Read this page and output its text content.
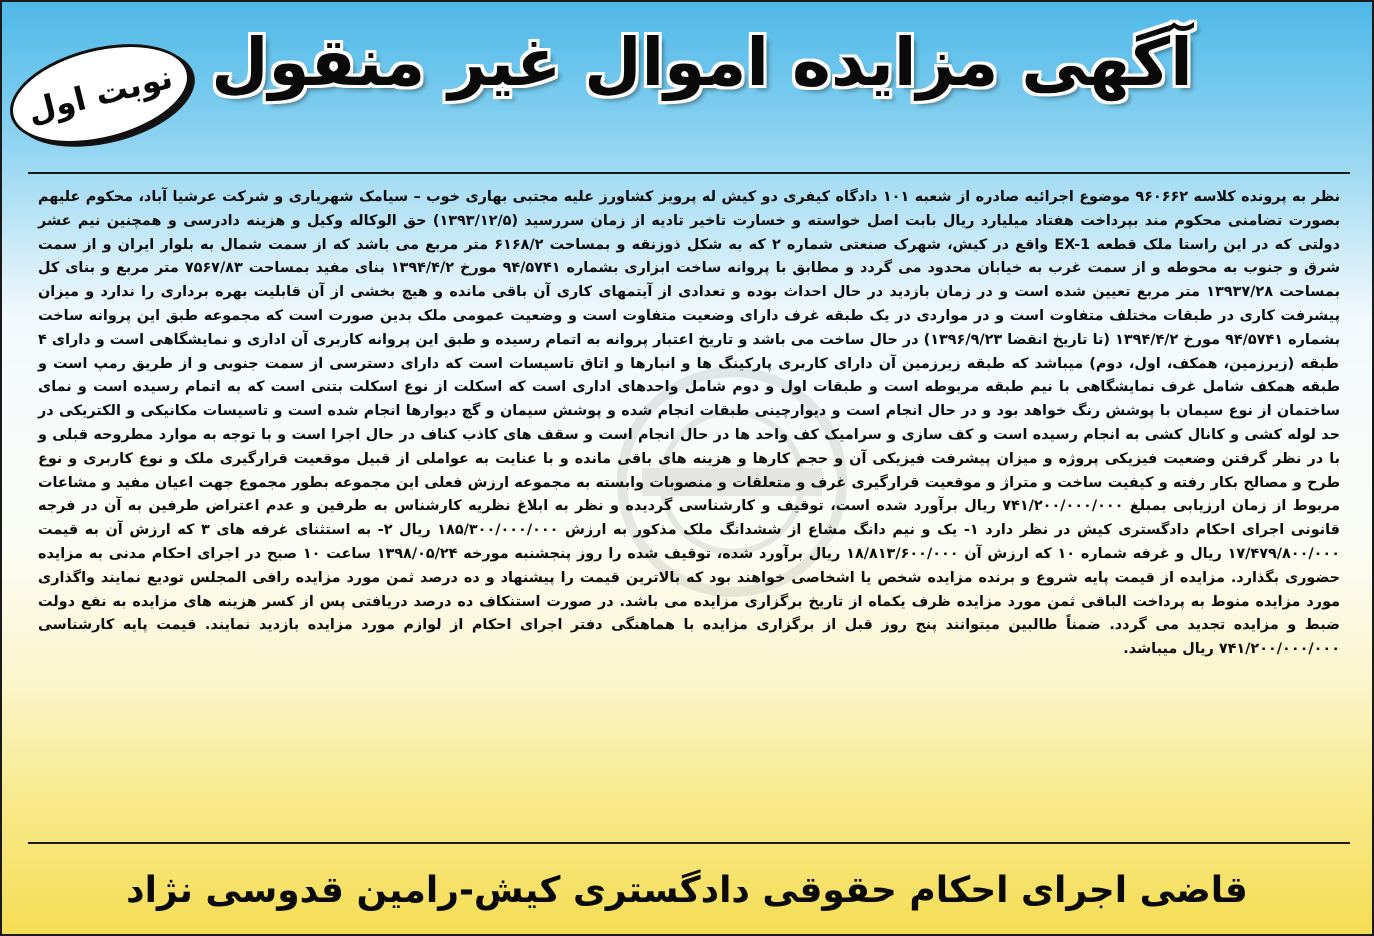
آگهی مزایده اموال غیر منقول
نوبت اول

نظر به پرونده کلاسه ۹۶۰۶۶۲ موضوع اجرائیه صادره از شعبه ۱۰۱ دادگاه کیفری دو کیش له پرویز کشاورز علیه مجتبی بهاری خوب – سیامک شهریاری و شرکت عرشیا آباد، محکوم علیهم بصورت تضامنی محکوم مند بپرداخت هفتاد میلیارد ریال بابت اصل خواسته و خسارت تاخیر تادیه از زمان سررسید (۱۳۹۳/۱۲/۵) حق الوکاله وکیل و هزینه دادرسی و همچنین نیم عشر دولتی که در این راستا ملک قطعه EX-1 واقع در کیش، شهرک صنعتی شماره ۲ که به شکل ذوزنقه و بمساحت ۶۱۶۸/۲ متر مربع می باشد که از سمت شمال به بلوار ایران و از سمت شرق و جنوب به محوطه و از سمت غرب به خیابان محدود می گردد و مطابق با پروانه ساخت ابزاری بشماره ۹۴/۵۷۴۱ مورخ ۱۳۹۴/۴/۲ بنای مفید بمساحت ۷۵۶۷/۸۳ متر مربع و بنای کل بمساحت ۱۳۹۳۷/۲۸ متر مربع تعیین شده است و در زمان بازدید در حال احداث بوده و تعدادی از آیتمهای کاری آن باقی مانده و هیچ بخشی از آن قابلیت بهره برداری را ندارد و میزان پیشرفت کاری در طبقات مختلف متفاوت است و در مواردی در یک طبقه غرف دارای وضعیت متفاوت است و وضعیت عمومی ملک بدین صورت است که مجموعه طبق این پروانه ساخت بشماره ۹۴/۵۷۴۱ مورخ ۱۳۹۴/۴/۲ (تا تاریخ انقضا ۱۳۹۶/۹/۲۳) در حال ساخت می باشد و تاریخ اعتبار پروانه به اتمام رسیده و طبق این پروانه کاربری آن اداری و نمایشگاهی است و دارای ۴ طبقه (زیرزمین، همکف، اول، دوم) میباشد که طبقه زیرزمین آن دارای کاربری پارکینگ ها و انبارها و اتاق تاسیسات است که دارای دسترسی از سمت جنوبی و از طریق رمپ است و طبقه همکف شامل غرف نمایشگاهی با نیم طبقه مربوطه است و طبقات اول و دوم شامل واحدهای اداری است که اسکلت از نوع اسکلت بتنی است که به اتمام رسیده است و نمای ساختمان از نوع سیمان با پوشش رنگ خواهد بود و در حال انجام است و دیوارچینی طبقات انجام شده و پوشش سیمان و گچ دیوارها انجام شده است و تاسیسات مکانیکی و الکتریکی در حد لوله کشی و کانال کشی به انجام رسیده است و کف سازی و سرامیک کف واحد ها در حال انجام است و سقف های کاذب کناف در حال اجرا است و با توجه به موارد مطروحه قبلی و با در نظر گرفتن وضعیت فیزیکی پروژه و میزان پیشرفت فیزیکی آن و حجم کارها و هزینه های باقی مانده و با عنایت به عواملی از قبیل موقعیت قرارگیری ملک و نوع کاربری و نوع طرح و مصالح بکار رفته و کیفیت ساخت و متراژ و موقعیت قرارگیری غرف و متعلقات و منصوبات وابسته به مجموعه ارزش فعلی این مجموعه بطور مجموع جهت اعیان مفید و مشاعات مربوط از زمان ارزیابی بمبلغ ۷۴۱/۲۰۰/۰۰۰/۰۰۰ ریال برآورد شده است، توقیف و کارشناسی گردیده و نظر به ابلاغ نظریه کارشناس به طرفین و عدم اعتراض طرفین به آن در فرجه قانونی اجرای احکام دادگستری کیش در نظر دارد ۱- یک و نیم دانگ مشاع از ششدانگ ملک مذکور به ارزش ۱۸۵/۳۰۰/۰۰۰/۰۰۰ ریال ۲- به استثنای غرفه های ۳ که ارزش آن به قیمت ۱۷/۴۷۹/۸۰۰/۰۰۰ ریال و غرفه شماره ۱۰ که ارزش آن ۱۸/۸۱۳/۶۰۰/۰۰۰ ریال برآورد شده، توقیف شده را روز پنجشنبه مورخه ۱۳۹۸/۰۵/۲۴ ساعت ۱۰ صبح در اجرای احکام مدنی به مزایده حضوری بگذارد. مزایده از قیمت پایه شروع و برنده مزایده شخص یا اشخاصی خواهند بود که بالاترین قیمت را پیشنهاد و ده درصد ثمن مورد مزایده رافی المجلس تودیع نمایند واگذاری مورد مزایده منوط به پرداخت الباقی ثمن مورد مزایده ظرف یکماه از تاریخ برگزاری مزایده می باشد. در صورت استنکاف ده درصد دریافتی پس از کسر هزینه های مزایده به نفع دولت ضبط و مزایده تجدید می گردد. ضمناً طالبین میتوانند پنج روز قبل از برگزاری مزایده با هماهنگی دفتر اجرای احکام از لوازم مورد مزایده بازدید نمایند. قیمت پایه کارشناسی ۷۴۱/۲۰۰/۰۰۰/۰۰۰ ریال میباشد.

قاضی اجرای احکام حقوقی دادگستری کیش-رامین قدوسی نژاد
